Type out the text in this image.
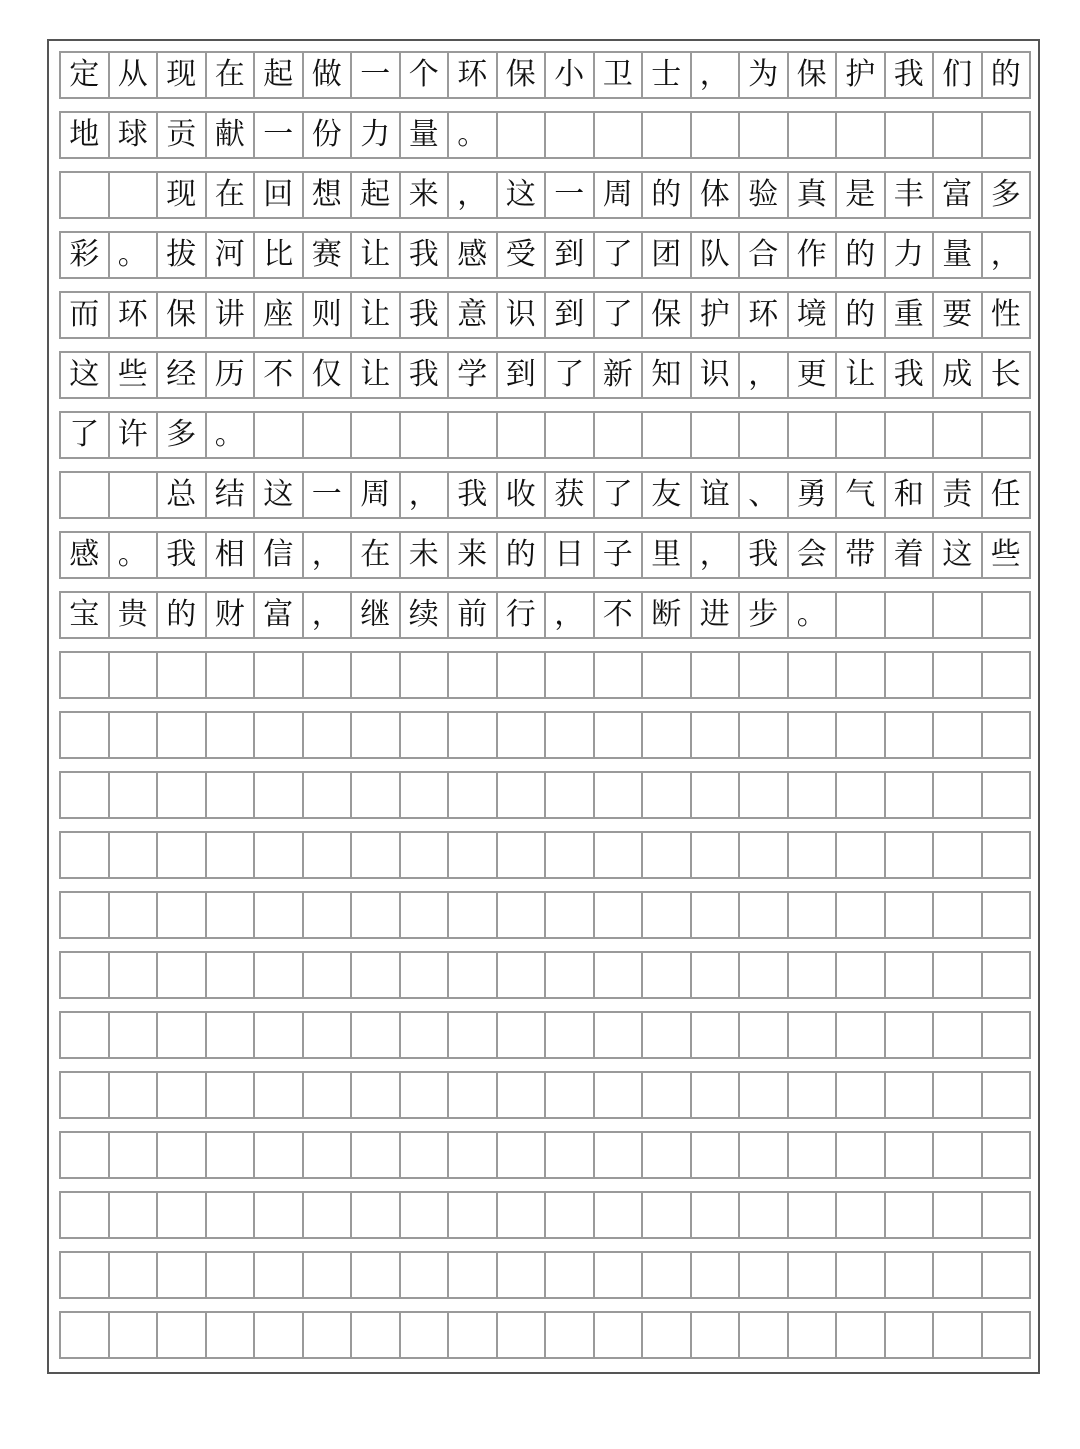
定 从 现 在 起 做 一 个 环 保 小 卫 士 ， 为 保 护 我 们 的
地 球 贡 献 一 份 力 量 。
现 在 回 想 起 来 ， 这 一 周 的 体 验 真 是 丰 富 多
彩 。 拔 河 比 赛 让 我 感 受 到 了 团 队 合 作 的 力 量 ，
而 环 保 讲 座 则 让 我 意 识 到 了 保 护 环 境 的 重 要 性
这 些 经 历 不 仅 让 我 学 到 了 新 知 识 ， 更 让 我 成 长
了 许 多 。
总 结 这 一 周 ， 我 收 获 了 友 谊 、 勇 气 和 责 任
感 。 我 相 信 ， 在 未 来 的 日 子 里 ， 我 会 带 着 这 些
宝 贵 的 财 富 ， 继 续 前 行 ， 不 断 进 步 。
